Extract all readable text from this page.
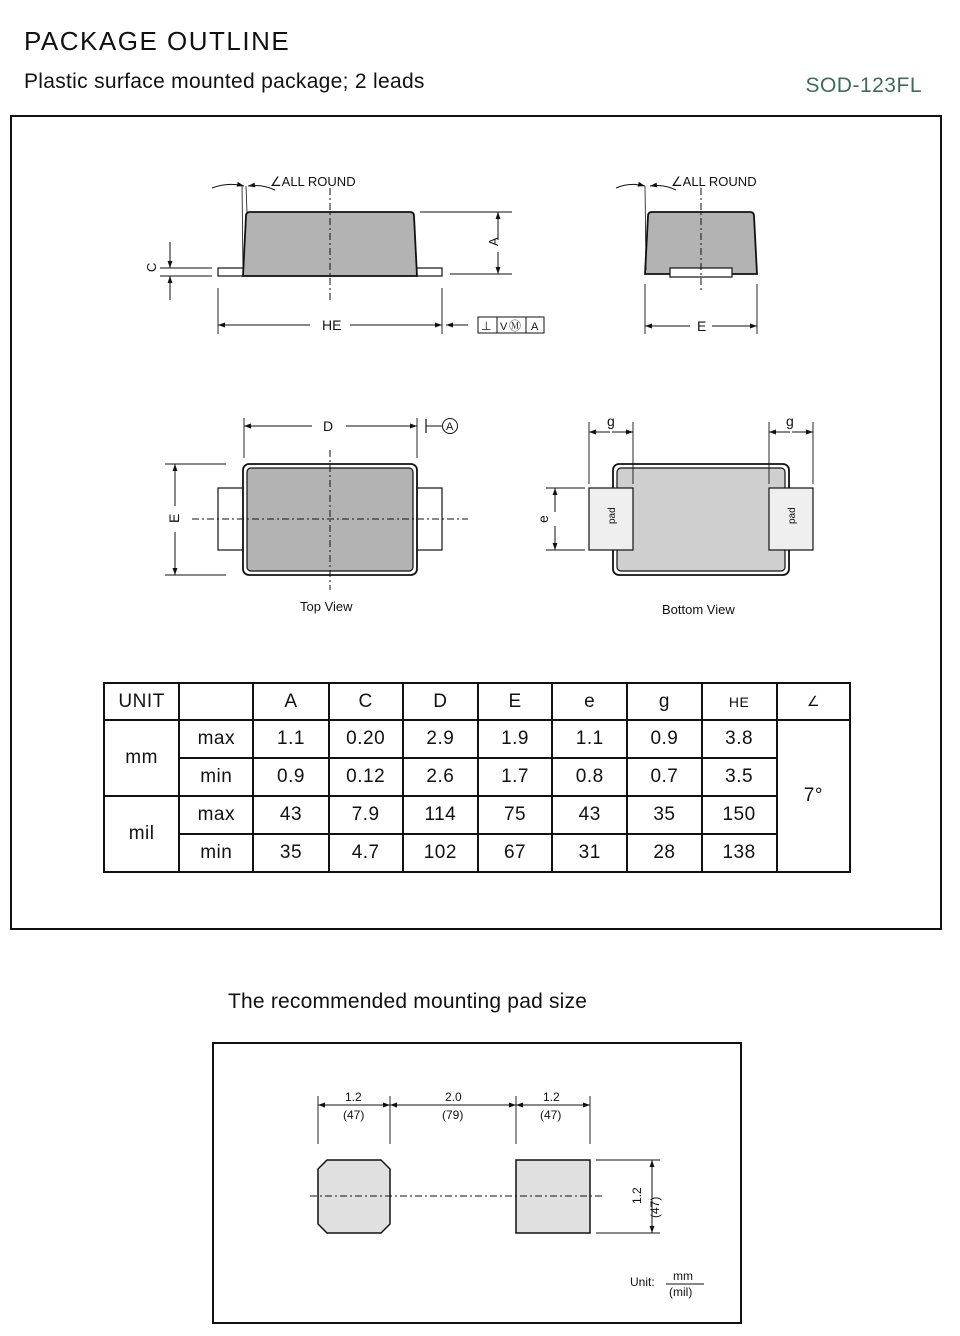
PACKAGE OUTLINE
Plastic surface mounted package; 2 leads	SOD-123FL
∠ALL ROUND
C
A
HE	⊥ V Ⓜ A
∠ALL ROUND
E
D	A
E
Top View
pad	pad
g	g
e
Bottom View
UNIT		A	C	D	E	e	g	HE	∠
mm	max	1.1	0.20	2.9	1.9	1.1	0.9	3.8	7°
	min	0.9	0.12	2.6	1.7	0.8	0.7	3.5	
mil	max	43	7.9	114	75	43	35	150	
	min	35	4.7	102	67	31	28	138	
The recommended mounting pad size
1.2
(47)
2.0
(79)
1.2
(47)
1.2
(47)
Unit: mm
(mil)
